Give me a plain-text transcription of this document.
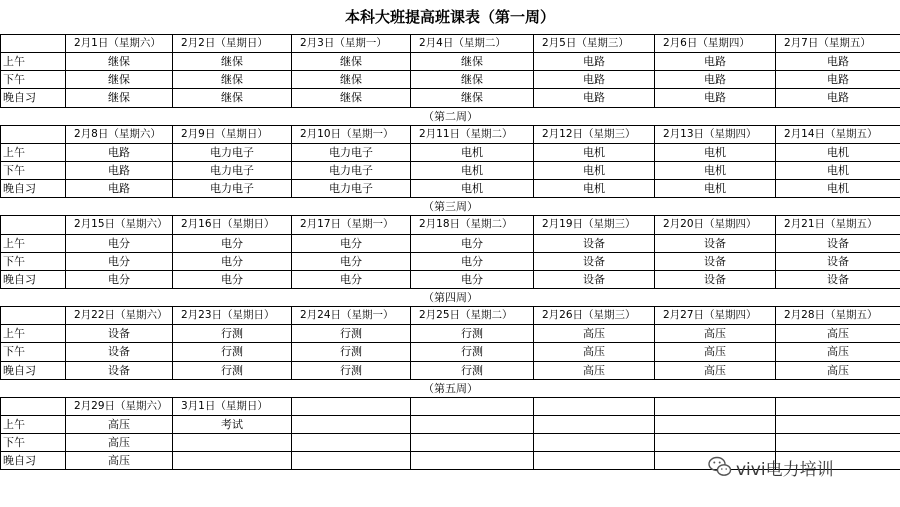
本科大班提高班课表（第一周）
	2月1日（星期六）	2月2日（星期日）	2月3日（星期一）	2月4日（星期二）	2月5日（星期三）	2月6日（星期四）	2月7日（星期五）
上午	继保	继保	继保	继保	电路	电路	电路
下午	继保	继保	继保	继保	电路	电路	电路
晚自习	继保	继保	继保	继保	电路	电路	电路
（第二周）							
	2月8日（星期六）	2月9日（星期日）	2月10日（星期一）	2月11日（星期二）	2月12日（星期三）	2月13日（星期四）	2月14日（星期五）
上午	电路	电力电子	电力电子	电机	电机	电机	电机
下午	电路	电力电子	电力电子	电机	电机	电机	电机
晚自习	电路	电力电子	电力电子	电机	电机	电机	电机
（第三周）							
	2月15日（星期六）	2月16日（星期日）	2月17日（星期一）	2月18日（星期二）	2月19日（星期三）	2月20日（星期四）	2月21日（星期五）
上午	电分	电分	电分	电分	设备	设备	设备
下午	电分	电分	电分	电分	设备	设备	设备
晚自习	电分	电分	电分	电分	设备	设备	设备
（第四周）							
	2月22日（星期六）	2月23日（星期日）	2月24日（星期一）	2月25日（星期二）	2月26日（星期三）	2月27日（星期四）	2月28日（星期五）
上午	设备	行测	行测	行测	高压	高压	高压
下午	设备	行测	行测	行测	高压	高压	高压
晚自习	设备	行测	行测	行测	高压	高压	高压
（第五周）							
	2月29日（星期六）	3月1日（星期日）					
上午	高压	考试					
下午	高压						
晚自习	高压							vivi电力培训
